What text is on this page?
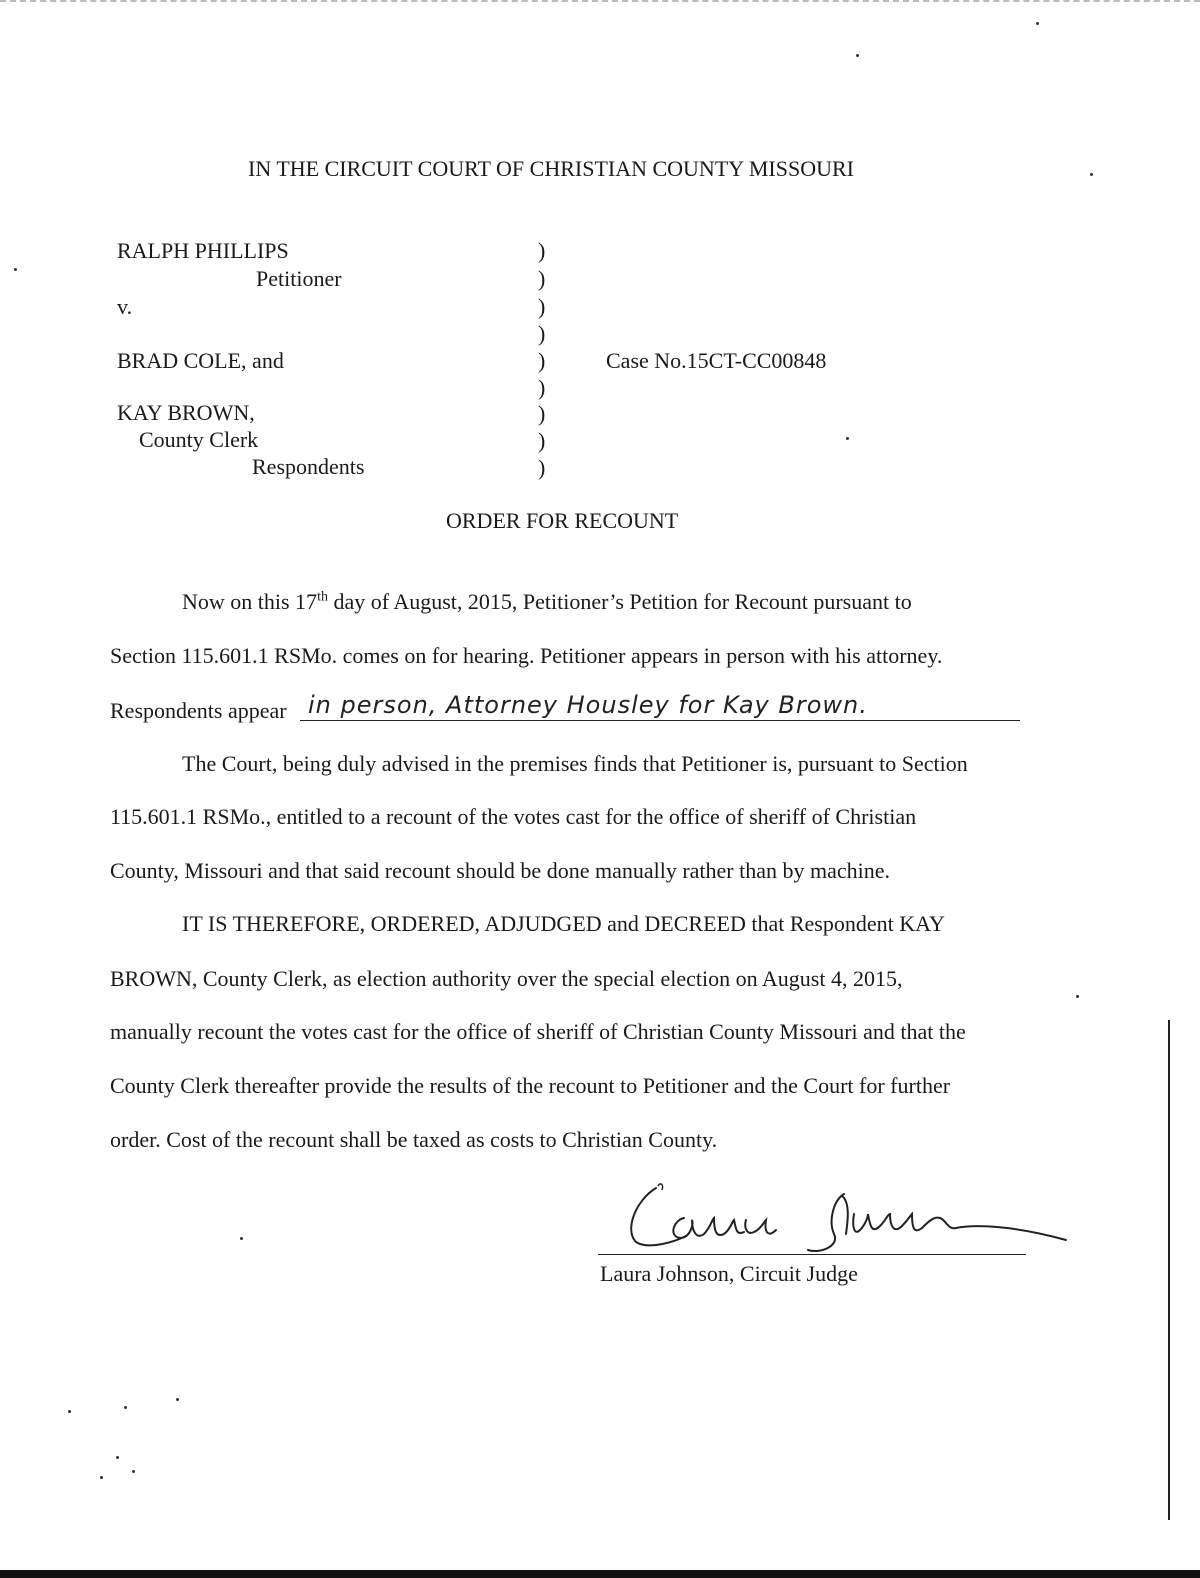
IN THE CIRCUIT COURT OF CHRISTIAN COUNTY MISSOURI
RALPH PHILLIPS
Petitioner
v.
BRAD COLE, and
KAY BROWN,
County Clerk
Respondents
)
)
)
)
)
)
)
)
)
Case No.15CT-CC00848
ORDER FOR RECOUNT
Now on this 17th day of August, 2015, Petitioner’s Petition for Recount pursuant to
Section 115.601.1 RSMo. comes on for hearing. Petitioner appears in person with his attorney.
Respondents appear in person, Attorney Housley for Kay Brown.
The Court, being duly advised in the premises finds that Petitioner is, pursuant to Section
115.601.1 RSMo., entitled to a recount of the votes cast for the office of sheriff of Christian
County, Missouri and that said recount should be done manually rather than by machine.
IT IS THEREFORE, ORDERED, ADJUDGED and DECREED that Respondent KAY
BROWN, County Clerk, as election authority over the special election on August 4, 2015,
manually recount the votes cast for the office of sheriff of Christian County Missouri and that the
County Clerk thereafter provide the results of the recount to Petitioner and the Court for further
order. Cost of the recount shall be taxed as costs to Christian County.
Laura Johnson
Laura Johnson, Circuit Judge
